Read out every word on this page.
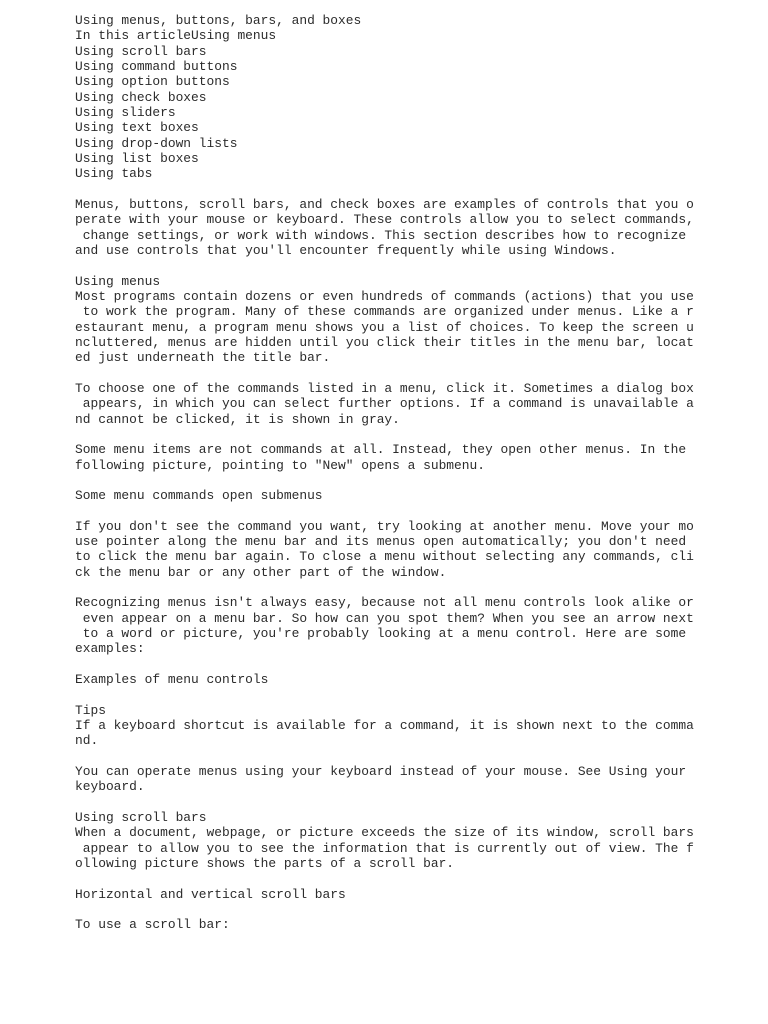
Using menus, buttons, bars, and boxes
In this articleUsing menus
Using scroll bars
Using command buttons
Using option buttons
Using check boxes
Using sliders
Using text boxes
Using drop-down lists
Using list boxes
Using tabs
Menus, buttons, scroll bars, and check boxes are examples of controls that you o
perate with your mouse or keyboard. These controls allow you to select commands,
change settings, or work with windows. This section describes how to recognize
and use controls that you'll encounter frequently while using Windows.
Using menus
Most programs contain dozens or even hundreds of commands (actions) that you use
to work the program. Many of these commands are organized under menus. Like a r
estaurant menu, a program menu shows you a list of choices. To keep the screen u
ncluttered, menus are hidden until you click their titles in the menu bar, locat
ed just underneath the title bar.
To choose one of the commands listed in a menu, click it. Sometimes a dialog box
appears, in which you can select further options. If a command is unavailable a
nd cannot be clicked, it is shown in gray.
Some menu items are not commands at all. Instead, they open other menus. In the
following picture, pointing to "New" opens a submenu.
Some menu commands open submenus
If you don't see the command you want, try looking at another menu. Move your mo
use pointer along the menu bar and its menus open automatically; you don't need
to click the menu bar again. To close a menu without selecting any commands, cli
ck the menu bar or any other part of the window.
Recognizing menus isn't always easy, because not all menu controls look alike or
even appear on a menu bar. So how can you spot them? When you see an arrow next
to a word or picture, you're probably looking at a menu control. Here are some
examples:
Examples of menu controls
Tips
If a keyboard shortcut is available for a command, it is shown next to the comma
nd.
You can operate menus using your keyboard instead of your mouse. See Using your
keyboard.
Using scroll bars
When a document, webpage, or picture exceeds the size of its window, scroll bars
appear to allow you to see the information that is currently out of view. The f
ollowing picture shows the parts of a scroll bar.
Horizontal and vertical scroll bars
To use a scroll bar:
